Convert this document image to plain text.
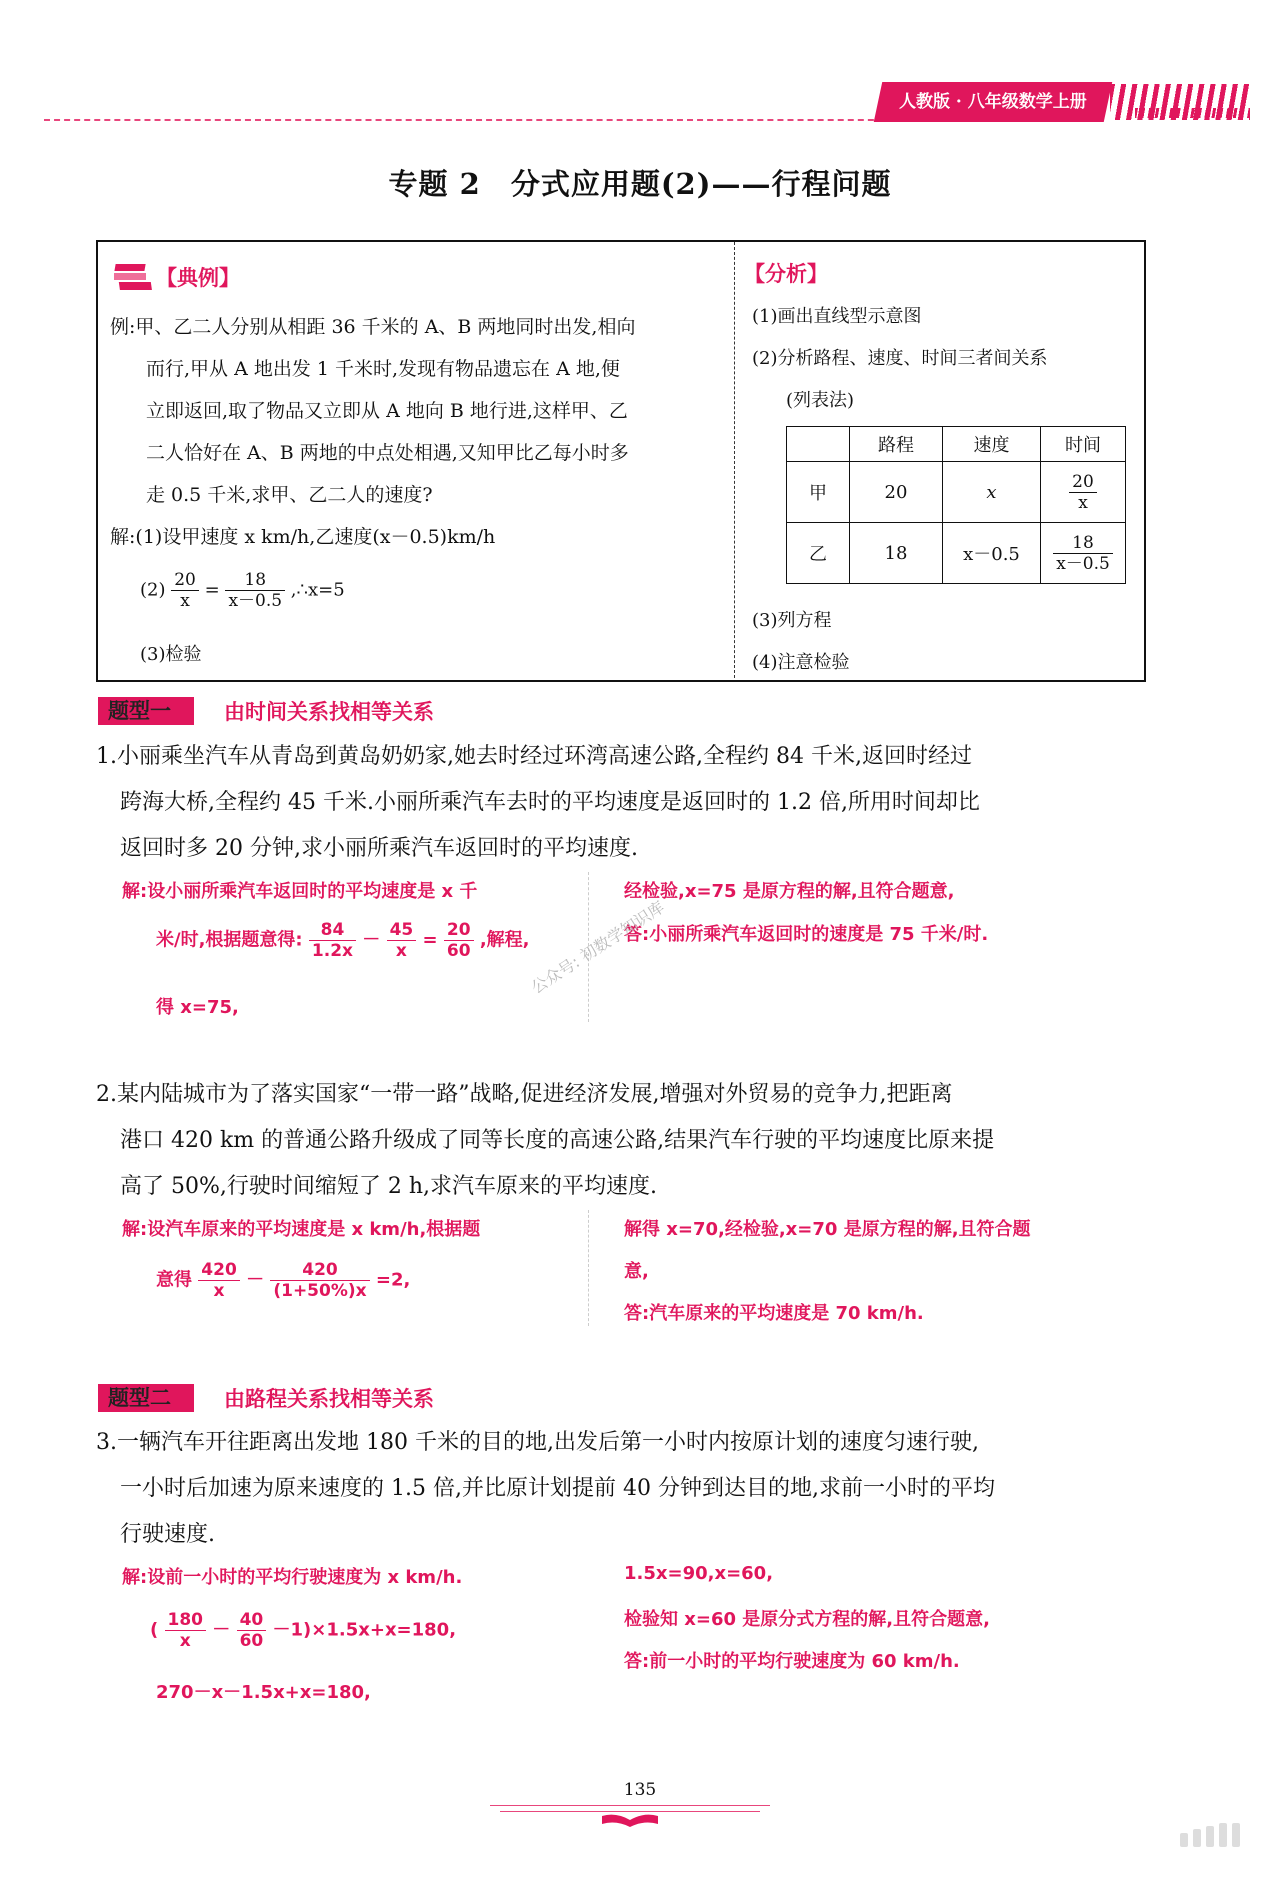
人教版 · 八年级数学上册
专题 2　分式应用题(2)——行程问题
【典例】
例:甲、乙二人分别从相距 36 千米的 A、B 两地同时出发,相向
而行,甲从 A 地出发 1 千米时,发现有物品遗忘在 A 地,便
立即返回,取了物品又立即从 A 地向 B 地行进,这样甲、乙
二人恰好在 A、B 两地的中点处相遇,又知甲比乙每小时多
走 0.5 千米,求甲、乙二人的速度?
解:(1)设甲速度 x km/h,乙速度(x－0.5)km/h
$(2) \frac{20}{x} = \frac{18}{x-0.5}$ ,∴x=5
(3)检验
【分析】
(1)画出直线型示意图
(2)分析路程、速度、时间三者间关系
(列表法)
	路程	速度	时间
甲	20	x	$\frac{20}{x}$

乙	18	x－0.5	$\frac{18}{x-0.5}$
(3)列方程
(4)注意检验
题型一	由时间关系找相等关系
1.小丽乘坐汽车从青岛到黄岛奶奶家,她去时经过环湾高速公路,全程约 84 千米,返回时经过
跨海大桥,全程约 45 千米.小丽所乘汽车去时的平均速度是返回时的 1.2 倍,所用时间却比
返回时多 20 分钟,求小丽所乘汽车返回时的平均速度.
解:设小丽所乘汽车返回时的平均速度是 x 千
米/时,根据题意得: $\frac{84}{1.2x} - \frac{45}{x} = \frac{20}{60}$ ,解程,
得 x=75,
经检验,x=75 是原方程的解,且符合题意,
答:小丽所乘汽车返回时的速度是 75 千米/时.
公众号: 初数学知识库
2.某内陆城市为了落实国家“一带一路”战略,促进经济发展,增强对外贸易的竞争力,把距离
港口 420 km 的普通公路升级成了同等长度的高速公路,结果汽车行驶的平均速度比原来提
高了 50%,行驶时间缩短了 2 h,求汽车原来的平均速度.
解:设汽车原来的平均速度是 x km/h,根据题
意得 $\frac{420}{x} - \frac{420}{(1+50\%)x} =2$,
解得 x=70,经检验,x=70 是原方程的解,且符合题
意,
答:汽车原来的平均速度是 70 km/h.
题型二	由路程关系找相等关系
3.一辆汽车开往距离出发地 180 千米的目的地,出发后第一小时内按原计划的速度匀速行驶,
一小时后加速为原来速度的 1.5 倍,并比原计划提前 40 分钟到达目的地,求前一小时的平均
行驶速度.
解:设前一小时的平均行驶速度为 x km/h.
( $\frac{180}{x} - \frac{40}{60} -1)\times 1.5x+x=180$,
270－x－1.5x+x=180,
1.5x=90,x=60,
检验知 x=60 是原分式方程的解,且符合题意,
答:前一小时的平均行驶速度为 60 km/h.
135
